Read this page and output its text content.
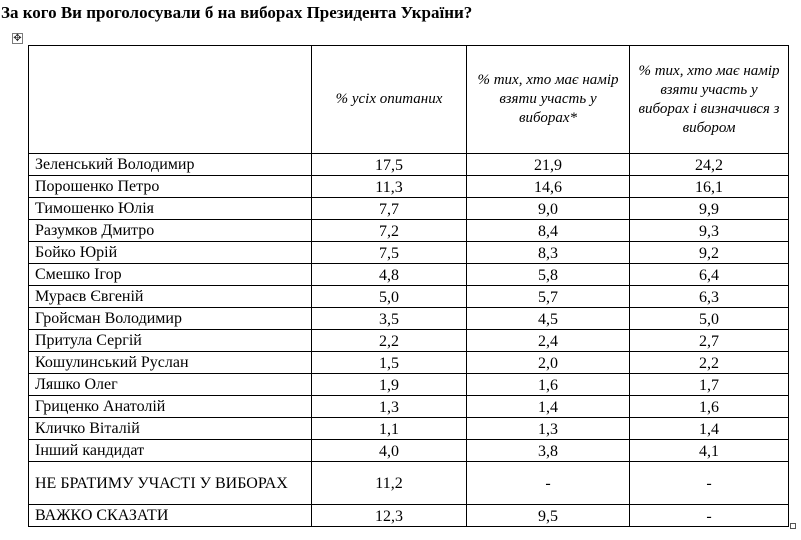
За кого Ви проголосували б на виборах Президента України?
✥
	% усіх опитаних	% тих, хто має намір взяти участь у виборах*	% тих, хто має намір взяти участь у виборах і визначився з вибором
Зеленський Володимир	17,5	21,9	24,2
Порошенко Петро	11,3	14,6	16,1
Тимошенко Юлія	7,7	9,0	9,9
Разумков Дмитро	7,2	8,4	9,3
Бойко Юрій	7,5	8,3	9,2
Смешко Ігор	4,8	5,8	6,4
Мураєв Євгеній	5,0	5,7	6,3
Гройсман Володимир	3,5	4,5	5,0
Притула Сергій	2,2	2,4	2,7
Кошулинський Руслан	1,5	2,0	2,2
Ляшко Олег	1,9	1,6	1,7
Гриценко Анатолій	1,3	1,4	1,6
Кличко Віталій	1,1	1,3	1,4
Інший кандидат	4,0	3,8	4,1
НЕ БРАТИМУ УЧАСТІ У ВИБОРАХ	11,2	-	-
ВАЖКО СКАЗАТИ	12,3	9,5	-
